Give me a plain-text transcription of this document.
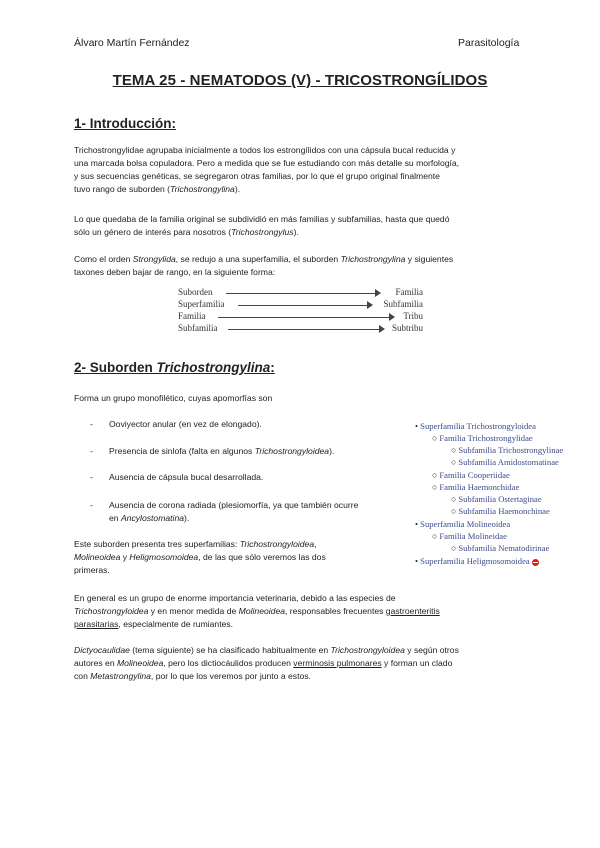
Álvaro Martín Fernández	Parasitología
TEMA 25 - NEMATODOS (V) - TRICOSTRONGÍLIDOS
1- Introducción:
Trichostrongylidae agrupaba inicialmente a todos los estrongílidos con una cápsula bucal reducida y
una marcada bolsa copuladora. Pero a medida que se fue estudiando con más detalle su morfología,
y sus secuencias genéticas, se segregaron otras familias, por lo que el grupo original finalmente
tuvo rango de suborden (Trichostrongylina).
Lo que quedaba de la familia original se subdividió en más familias y subfamilias, hasta que quedó
sólo un género de interés para nosotros (Trichostrongylus).
Como el orden Strongylida, se redujo a una superfamilia, el suborden Trichostrongylina y siguientes
taxones deben bajar de rango, en la siguiente forma:
Suborden	Familia
Superfamilia	Subfamilia
Familia	Tribu
Subfamilia	Subtribu
2- Suborden Trichostrongylina:
Forma un grupo monofilético, cuyas apomorfías son
- Ooviyector anular (en vez de elongado).
- Presencia de sinlofa (falta en algunos Trichostrongyloidea).
- Ausencia de cápsula bucal desarrollada.
- Ausencia de corona radiada (plesiomorfía, ya que también ocurre
en Ancylostomatina).
Este suborden presenta tres superfamilias: Trichostrongyloidea,
Molineoidea y Heligmosomoidea, de las que sólo veremos las dos
primeras.
• Superfamilia Trichostrongyloidea
○ Familia Trichostrongylidae
○ Subfamilia Trichostrongylinae
○ Subfamilia Amidostomatinae
○ Familia Cooperiidae
○ Familia Haemonchidae
○ Subfamilia Ostertaginae
○ Subfamilia Haemonchinae
• Superfamilia Molineoidea
○ Familia Molineidae
○ Subfamilia Nematodirinae
• Superfamilia Heligmosomoidea
En general es un grupo de enorme importancia veterinaria, debido a las especies de
Trichostrongyloidea y en menor medida de Molineoidea, responsables frecuentes gastroenteritis
parasitarias, especialmente de rumiantes.
Dictyocaulidae (tema siguiente) se ha clasificado habitualmente en Trichostrongyloidea y según otros
autores en Molineoidea, pero los dictiocáulidos producen verminosis pulmonares y forman un clado
con Metastrongylina, por lo que los veremos por junto a estos.
